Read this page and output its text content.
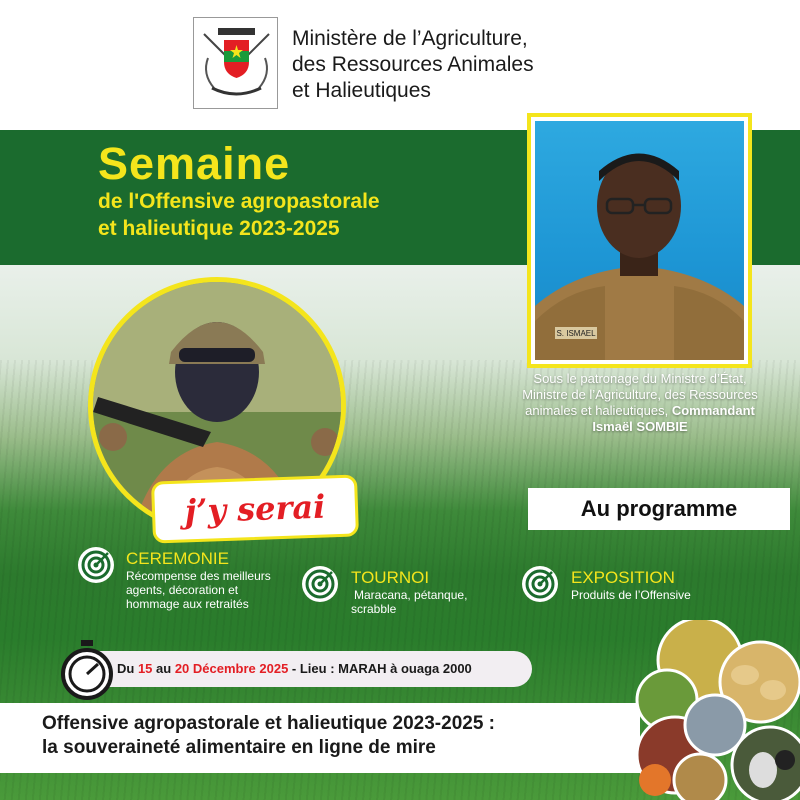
Ministère de l’Agriculture,
des Ressources Animales
et Halieutiques
Semaine
de l'Offensive agropastorale
et halieutique 2023-2025
S. ISMAEL
Sous le patronage du Ministre d’État,
Ministre de l’Agriculture, des Ressources
animales et halieutiques, Commandant
Ismaël SOMBIE
j’y serai	Au programme
CEREMONIE
Récompense des meilleurs
agents, décoration et
hommage aux retraités
TOURNOI
Maracana, pétanque,
scrabble
EXPOSITION
Produits de l’Offensive
Du 15 au 20 Décembre 2025 - Lieu : MARAH à ouaga 2000
Offensive agropastorale et halieutique 2023-2025 :
la souveraineté alimentaire en ligne de mire
